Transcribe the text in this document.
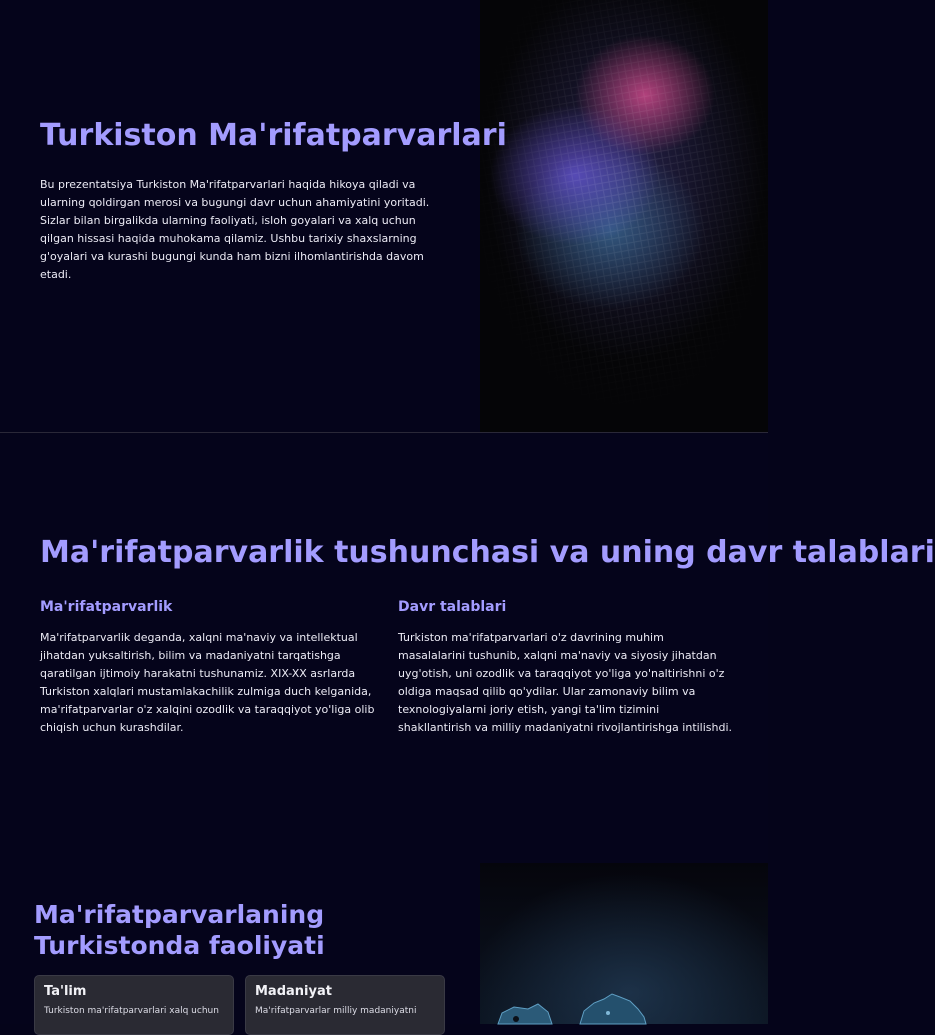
Turkiston Ma'rifatparvarlari

Bu prezentatsiya Turkiston Ma'rifatparvarlari haqida hikoya qiladi va ularning qoldirgan merosi va bugungi davr uchun ahamiyatini yoritadi. Sizlar bilan birgalikda ularning faoliyati, isloh goyalari va xalq uchun qilgan hissasi haqida muhokama qilamiz. Ushbu tarixiy shaxslarning g'oyalari va kurashi bugungi kunda ham bizni ilhomlantirishda davom etadi.

Ma'rifatparvarlik tushunchasi va uning davr talablari
Ma'rifatparvarlik

Ma'rifatparvarlik deganda, xalqni ma'naviy va intellektual jihatdan yuksaltirish, bilim va madaniyatni tarqatishga qaratilgan ijtimoiy harakatni tushunamiz. XIX-XX asrlarda Turkiston xalqlari mustamlakachilik zulmiga duch kelganida, ma'rifatparvarlar o'z xalqini ozodlik va taraqqiyot yo'liga olib chiqish uchun kurashdilar.

Davr talablari

Turkiston ma'rifatparvarlari o'z davrining muhim masalalarini tushunib, xalqni ma'naviy va siyosiy jihatdan uyg'otish, uni ozodlik va taraqqiyot yo'liga yo'naltirishni o'z oldiga maqsad qilib qo'ydilar. Ular zamonaviy bilim va texnologiyalarni joriy etish, yangi ta'lim tizimini shakllantirish va milliy madaniyatni rivojlantirishga intilishdi.

Ma'rifatparvarlaning Turkistonda faoliyati
Ta'lim

Turkiston ma'rifatparvarlari xalq uchun

Madaniyat

Ma'rifatparvarlar milliy madaniyatni
